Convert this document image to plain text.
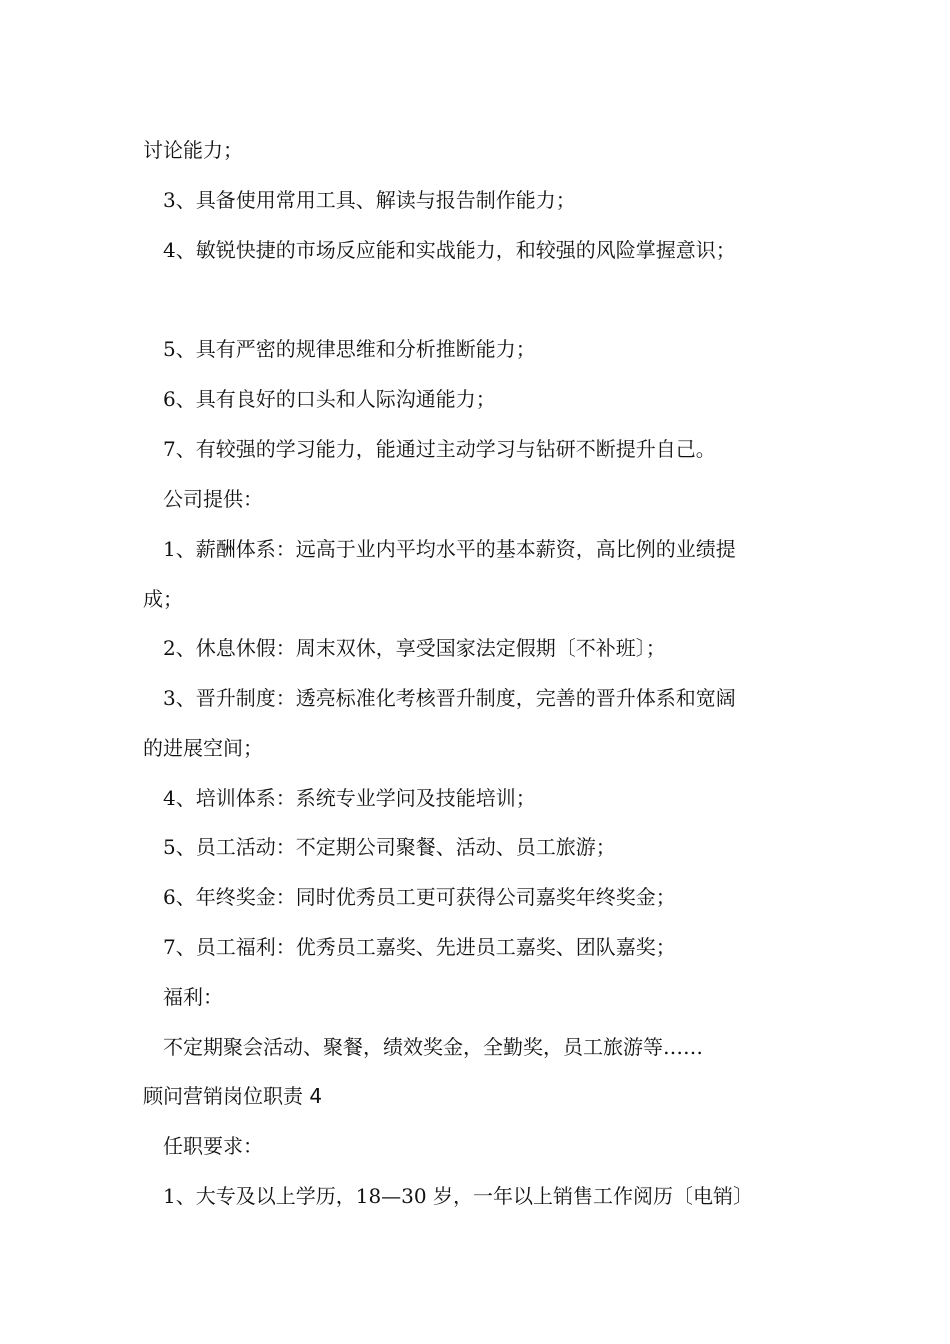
讨论能力；
3、具备使用常用工具、解读与报告制作能力；
4、敏锐快捷的市场反应能和实战能力，和较强的风险掌握意识；
5、具有严密的规律思维和分析推断能力；
6、具有良好的口头和人际沟通能力；
7、有较强的学习能力，能通过主动学习与钻研不断提升自己。
公司提供：
1、薪酬体系：远高于业内平均水平的基本薪资，高比例的业绩提
成；
2、休息休假：周末双休，享受国家法定假期〔不补班〕；
3、晋升制度：透亮标准化考核晋升制度，完善的晋升体系和宽阔
的进展空间；
4、培训体系：系统专业学问及技能培训；
5、员工活动：不定期公司聚餐、活动、员工旅游；
6、年终奖金：同时优秀员工更可获得公司嘉奖年终奖金；
7、员工福利：优秀员工嘉奖、先进员工嘉奖、团队嘉奖；
福利：
不定期聚会活动、聚餐，绩效奖金，全勤奖，员工旅游等……
顾问营销岗位职责 4
任职要求：
1、大专及以上学历，18—30 岁，一年以上销售工作阅历〔电销〕
